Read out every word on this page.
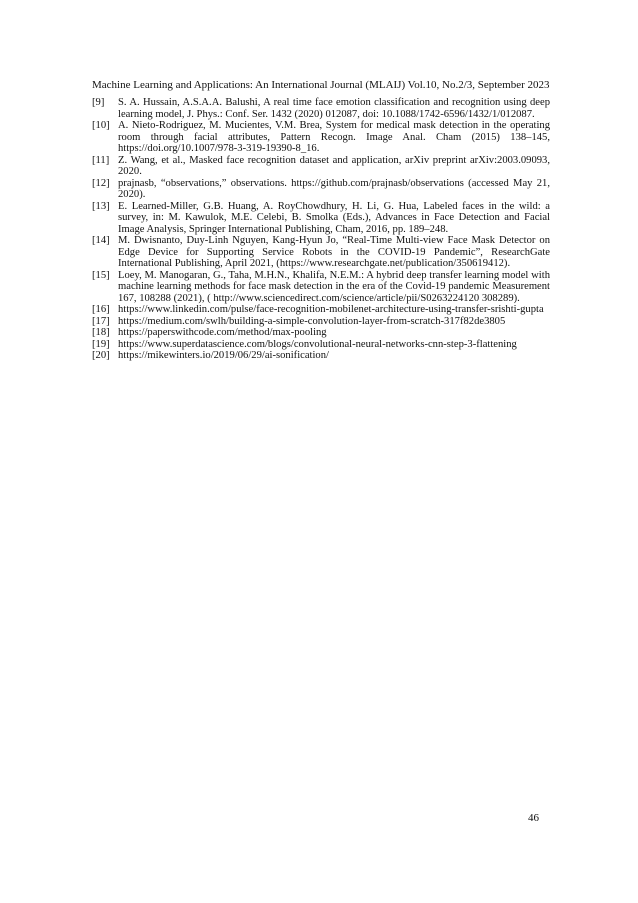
Machine Learning and Applications: An International Journal (MLAIJ) Vol.10, No.2/3, September 2023
[9] S. A. Hussain, A.S.A.A. Balushi, A real time face emotion classification and recognition using deep learning model, J. Phys.: Conf. Ser. 1432 (2020) 012087, doi: 10.1088/1742-6596/1432/1/012087.
[10] A. Nieto-Rodriguez, M. Mucientes, V.M. Brea, System for medical mask detection in the operating room through facial attributes, Pattern Recogn. Image Anal. Cham (2015) 138–145, https://doi.org/10.1007/978-3-319-19390-8_16.
[11] Z. Wang, et al., Masked face recognition dataset and application, arXiv preprint arXiv:2003.09093, 2020.
[12] prajnasb, “observations,” observations. https://github.com/prajnasb/observations (accessed May 21, 2020).
[13] E. Learned-Miller, G.B. Huang, A. RoyChowdhury, H. Li, G. Hua, Labeled faces in the wild: a survey, in: M. Kawulok, M.E. Celebi, B. Smolka (Eds.), Advances in Face Detection and Facial Image Analysis, Springer International Publishing, Cham, 2016, pp. 189–248.
[14] M. Dwisnanto, Duy-Linh Nguyen, Kang-Hyun Jo, “Real-Time Multi-view Face Mask Detector on Edge Device for Supporting Service Robots in the COVID-19 Pandemic”, ResearchGate International Publishing, April 2021, (https://www.researchgate.net/publication/350619412).
[15] Loey, M. Manogaran, G., Taha, M.H.N., Khalifa, N.E.M.: A hybrid deep transfer learning model with machine learning methods for face mask detection in the era of the Covid-19 pandemic Measurement 167, 108288 (2021), ( http://www.sciencedirect.com/science/article/pii/S0263224120 308289).
[16] https://www.linkedin.com/pulse/face-recognition-mobilenet-architecture-using-transfer-srishti-gupta
[17] https://medium.com/swlh/building-a-simple-convolution-layer-from-scratch-317f82de3805
[18] https://paperswithcode.com/method/max-pooling
[19] https://www.superdatascience.com/blogs/convolutional-neural-networks-cnn-step-3-flattening
[20] https://mikewinters.io/2019/06/29/ai-sonification/
46
